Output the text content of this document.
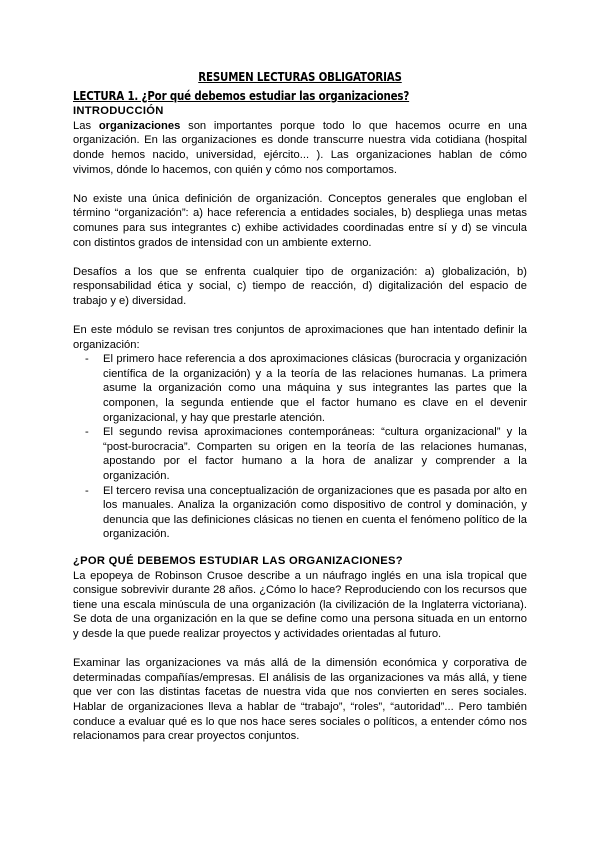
RESUMEN LECTURAS OBLIGATORIAS
LECTURA 1. ¿Por qué debemos estudiar las organizaciones?
INTRODUCCIÓN

Las organizaciones son importantes porque todo lo que hacemos ocurre en una organización. En las organizaciones es donde transcurre nuestra vida cotidiana (hospital donde hemos nacido, universidad, ejército... ). Las organizaciones hablan de cómo vivimos, dónde lo hacemos, con quién y cómo nos comportamos.

No existe una única definición de organización. Conceptos generales que engloban el término “organización”: a) hace referencia a entidades sociales, b) despliega unas metas comunes para sus integrantes c) exhibe actividades coordinadas entre sí y d) se vincula con distintos grados de intensidad con un ambiente externo.

Desafíos a los que se enfrenta cualquier tipo de organización: a) globalización, b) responsabilidad ética y social, c) tiempo de reacción, d) digitalización del espacio de trabajo y e) diversidad.

En este módulo se revisan tres conjuntos de aproximaciones que han intentado definir la organización:

- El primero hace referencia a dos aproximaciones clásicas (burocracia y organización científica de la organización) y a la teoría de las relaciones humanas. La primera asume la organización como una máquina y sus integrantes las partes que la componen, la segunda entiende que el factor humano es clave en el devenir organizacional, y hay que prestarle atención.
- El segundo revisa aproximaciones contemporáneas: “cultura organizacional” y la “post-burocracia”. Comparten su origen en la teoría de las relaciones humanas, apostando por el factor humano a la hora de analizar y comprender a la organización.
- El tercero revisa una conceptualización de organizaciones que es pasada por alto en los manuales. Analiza la organización como dispositivo de control y dominación, y denuncia que las definiciones clásicas no tienen en cuenta el fenómeno político de la organización.
¿POR QUÉ DEBEMOS ESTUDIAR LAS ORGANIZACIONES?

La epopeya de Robinson Crusoe describe a un náufrago inglés en una isla tropical que consigue sobrevivir durante 28 años. ¿Cómo lo hace? Reproduciendo con los recursos que tiene una escala minúscula de una organización (la civilización de la Inglaterra victoriana). Se dota de una organización en la que se define como una persona situada en un entorno y desde la que puede realizar proyectos y actividades orientadas al futuro.

Examinar las organizaciones va más allá de la dimensión económica y corporativa de determinadas compañías/empresas. El análisis de las organizaciones va más allá, y tiene que ver con las distintas facetas de nuestra vida que nos convierten en seres sociales. Hablar de organizaciones lleva a hablar de “trabajo”, “roles”, “autoridad”... Pero también conduce a evaluar qué es lo que nos hace seres sociales o políticos, a entender cómo nos relacionamos para crear proyectos conjuntos.
